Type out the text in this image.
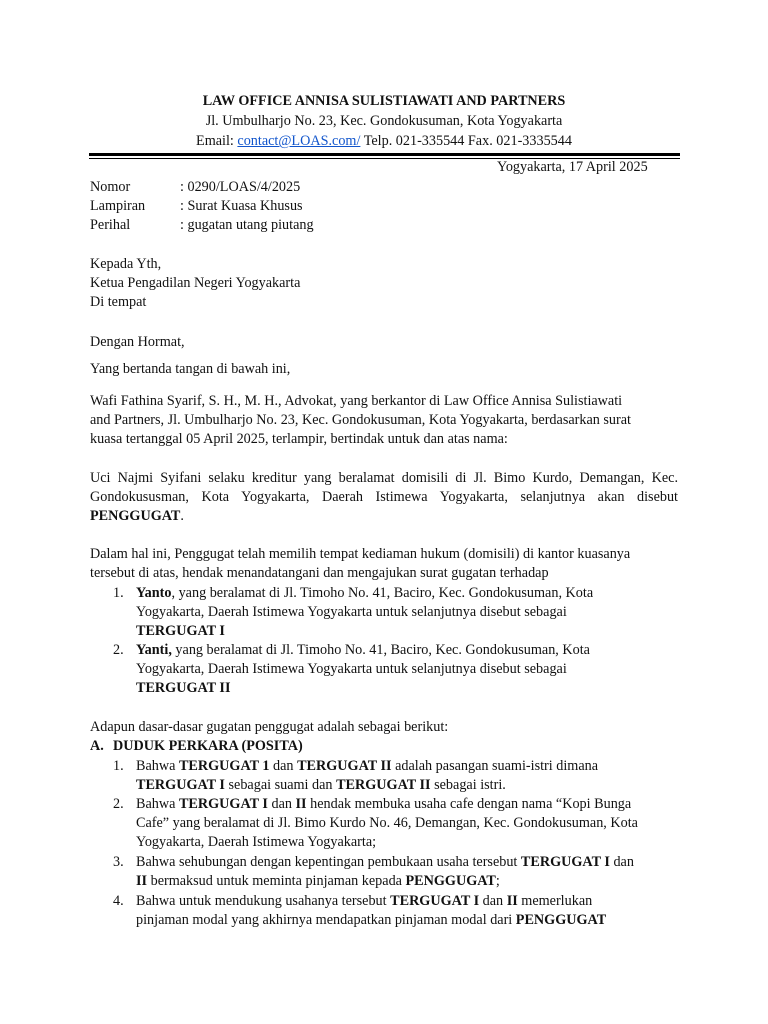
LAW OFFICE ANNISA SULISTIAWATI AND PARTNERS
Jl. Umbulharjo No. 23, Kec. Gondokusuman, Kota Yogyakarta
Email: contact@LOAS.com/ Telp. 021-335544 Fax. 021-3335544
Yogyakarta, 17 April 2025
Nomor	: 0290/LOAS/4/2025
Lampiran : Surat Kuasa Khusus
Perihal	: gugatan utang piutang
Kepada Yth,
Ketua Pengadilan Negeri Yogyakarta
Di tempat
Dengan Hormat,
Yang bertanda tangan di bawah ini,
Wafi Fathina Syarif, S. H., M. H., Advokat, yang berkantor di Law Office Annisa Sulistiawati
and Partners, Jl. Umbulharjo No. 23, Kec. Gondokusuman, Kota Yogyakarta, berdasarkan surat
kuasa tertanggal 05 April 2025, terlampir, bertindak untuk dan atas nama:
Uci Najmi Syifani selaku kreditur yang beralamat domisili di Jl. Bimo Kurdo, Demangan, Kec.
Gondokususman, Kota Yogyakarta, Daerah Istimewa Yogyakarta, selanjutnya akan disebut
PENGGUGAT.
Dalam hal ini, Penggugat telah memilih tempat kediaman hukum (domisili) di kantor kuasanya
tersebut di atas, hendak menandatangani dan mengajukan surat gugatan terhadap
1. Yanto, yang beralamat di Jl. Timoho No. 41, Baciro, Kec. Gondokusuman, Kota
Yogyakarta, Daerah Istimewa Yogyakarta untuk selanjutnya disebut sebagai
TERGUGAT I
2. Yanti, yang beralamat di Jl. Timoho No. 41, Baciro, Kec. Gondokusuman, Kota
Yogyakarta, Daerah Istimewa Yogyakarta untuk selanjutnya disebut sebagai
TERGUGAT II
Adapun dasar-dasar gugatan penggugat adalah sebagai berikut:
A. DUDUK PERKARA (POSITA)
1. Bahwa TERGUGAT 1 dan TERGUGAT II adalah pasangan suami-istri dimana
TERGUGAT I sebagai suami dan TERGUGAT II sebagai istri.
2. Bahwa TERGUGAT I dan II hendak membuka usaha cafe dengan nama “Kopi Bunga
Cafe” yang beralamat di Jl. Bimo Kurdo No. 46, Demangan, Kec. Gondokusuman, Kota
Yogyakarta, Daerah Istimewa Yogyakarta;
3. Bahwa sehubungan dengan kepentingan pembukaan usaha tersebut TERGUGAT I dan
II bermaksud untuk meminta pinjaman kepada PENGGUGAT;
4. Bahwa untuk mendukung usahanya tersebut TERGUGAT I dan II memerlukan
pinjaman modal yang akhirnya mendapatkan pinjaman modal dari PENGGUGAT
